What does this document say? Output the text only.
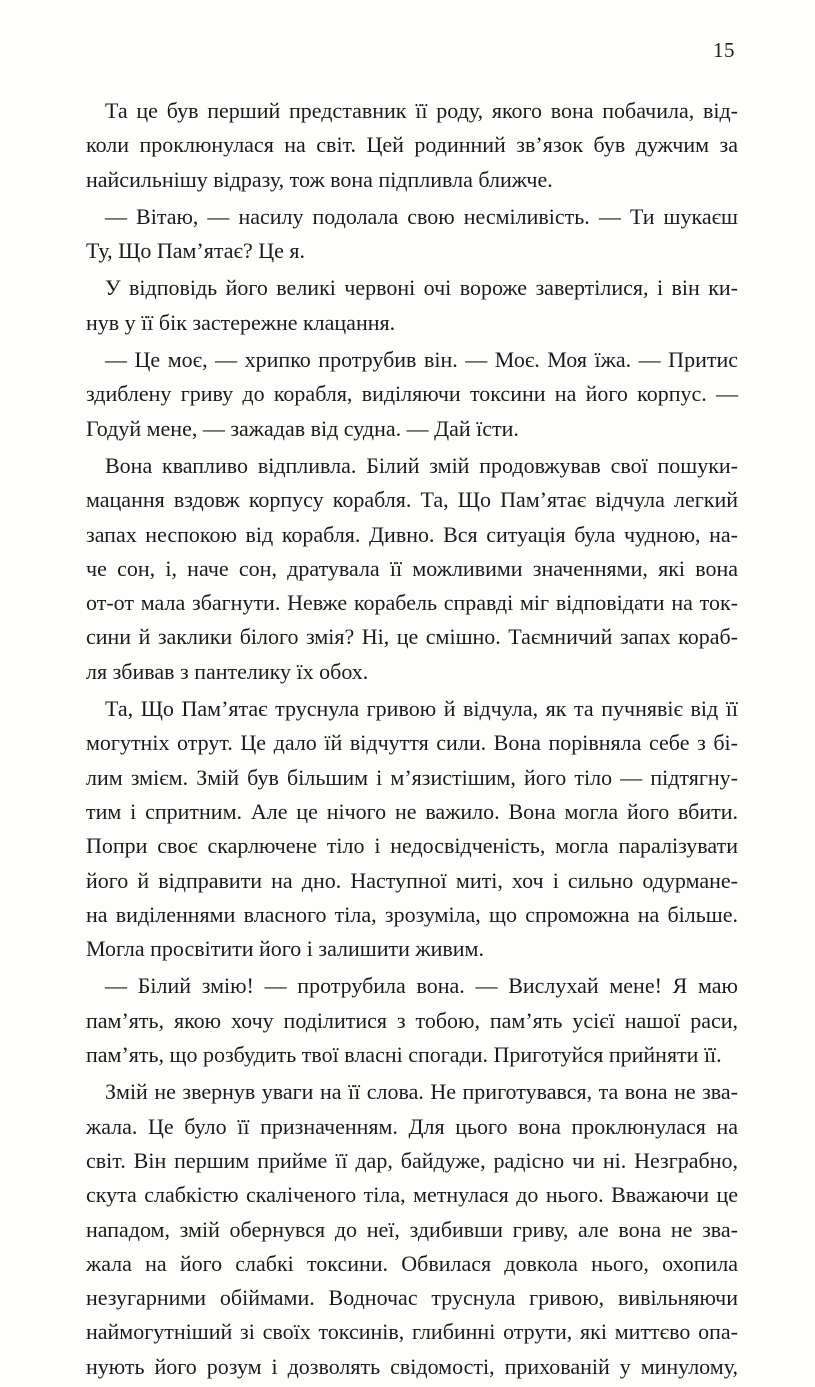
15
Та це був перший представник її роду, якого вона побачила, від-
коли проклюнулася на світ. Цей родинний зв’язок був дужчим за
найсильнішу відразу, тож вона підпливла ближче.
— Вітаю, — насилу подолала свою несміливість. — Ти шукаєш
Ту, Що Пам’ятає? Це я.
У відповідь його великі червоні очі вороже завертілися, і він ки-
нув у її бік застережне клацання.
— Це моє, — хрипко протрубив він. — Моє. Моя їжа. — Притис
здиблену гриву до корабля, виділяючи токсини на його корпус. —
Годуй мене, — зажадав від судна. — Дай їсти.
Вона квапливо відпливла. Білий змій продовжував свої пошуки-
мацання вздовж корпусу корабля. Та, Що Пам’ятає відчула легкий
запах неспокою від корабля. Дивно. Вся ситуація була чудною, на-
че сон, і, наче сон, дратувала її можливими значеннями, які вона
от-от мала збагнути. Невже корабель справді міг відповідати на ток-
сини й заклики білого змія? Ні, це смішно. Таємничий запах кораб-
ля збивав з пантелику їх обох.
Та, Що Пам’ятає труснула гривою й відчула, як та пучнявіє від її
могутніх отрут. Це дало їй відчуття сили. Вона порівняла себе з бі-
лим змієм. Змій був більшим і м’язистішим, його тіло — підтягну-
тим і спритним. Але це нічого не важило. Вона могла його вбити.
Попри своє скарлючене тіло і недосвідченість, могла паралізувати
його й відправити на дно. Наступної миті, хоч і сильно одурмане-
на виділеннями власного тіла, зрозуміла, що спроможна на більше.
Могла просвітити його і залишити живим.
— Білий змію! — протрубила вона. — Вислухай мене! Я маю
пам’ять, якою хочу поділитися з тобою, пам’ять усієї нашої раси,
пам’ять, що розбудить твої власні спогади. Приготуйся прийняти її.
Змій не звернув уваги на її слова. Не приготувався, та вона не зва-
жала. Це було її призначенням. Для цього вона проклюнулася на
світ. Він першим прийме її дар, байдуже, радісно чи ні. Незграбно,
скута слабкістю скаліченого тіла, метнулася до нього. Вважаючи це
нападом, змій обернувся до неї, здибивши гриву, але вона не зва-
жала на його слабкі токсини. Обвилася довкола нього, охопила
незугарними обіймами. Водночас труснула гривою, вивільняючи
наймогутніший зі своїх токсинів, глибинні отрути, які миттєво опа-
нують його розум і дозволять свідомості, прихованій у минулому,
